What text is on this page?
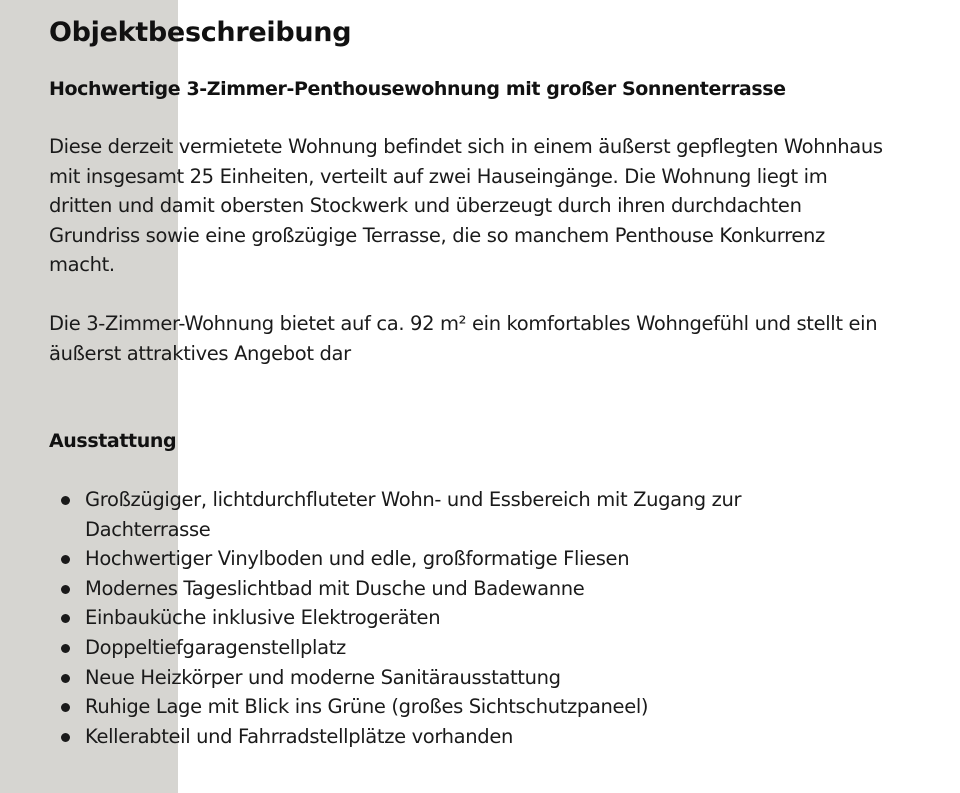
Objektbeschreibung
Hochwertige 3-Zimmer-Penthousewohnung mit großer Sonnenterrasse

Diese derzeit vermietete Wohnung befindet sich in einem äußerst gepflegten Wohnhaus mit insgesamt 25 Einheiten, verteilt auf zwei Hauseingänge. Die Wohnung liegt im dritten und damit obersten Stockwerk und überzeugt durch ihren durchdachten Grundriss sowie eine großzügige Terrasse, die so manchem Penthouse Konkurrenz macht.

Die 3-Zimmer-Wohnung bietet auf ca. 92 m² ein komfortables Wohngefühl und stellt ein äußerst attraktives Angebot dar

Ausstattung
Großzügiger, lichtdurchfluteter Wohn- und Essbereich mit Zugang zur Dachterrasse
Hochwertiger Vinylboden und edle, großformatige Fliesen
Modernes Tageslichtbad mit Dusche und Badewanne
Einbauküche inklusive Elektrogeräten
Doppeltiefgaragenstellplatz
Neue Heizkörper und moderne Sanitärausstattung
Ruhige Lage mit Blick ins Grüne (großes Sichtschutzpaneel)
Kellerabteil und Fahrradstellplätze vorhanden
